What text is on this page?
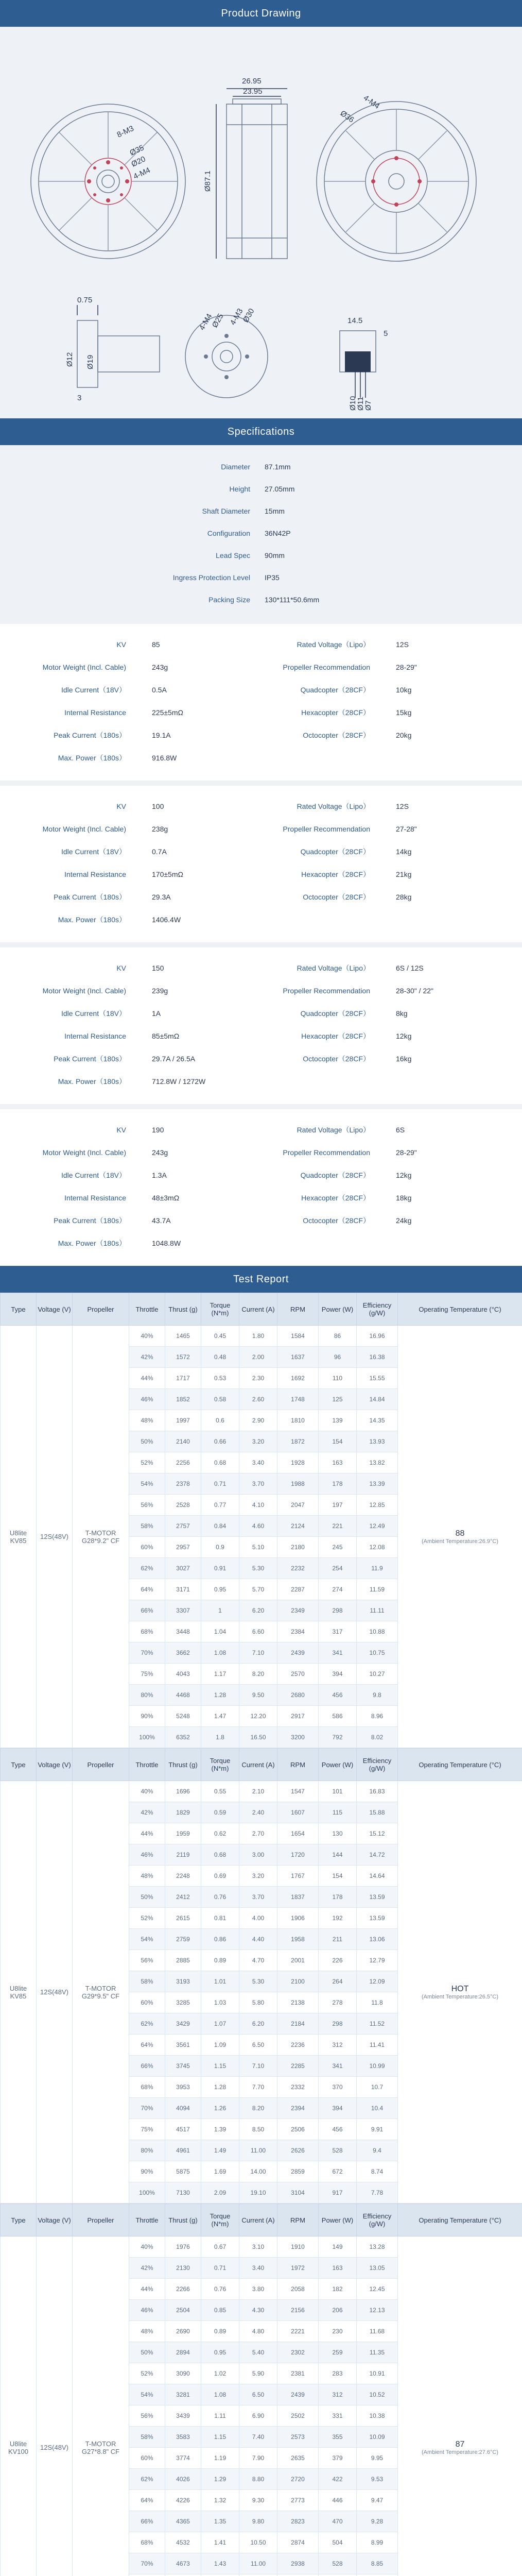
Product Drawing
26.95
23.95
Ø87.1
Ø36
4-M4
8-M3
Ø35
Ø20
4-M4
0.75
3
Ø12 Ø19
4-M4
Ø25 4-M3
Ø30	14.5
5
Ø10
Ø11
Ø7
Specifications
Diameter	87.1mm
Height	27.05mm
Shaft Diameter	15mm
Configuration	36N42P
Lead Spec	90mm
Ingress Protection Level	IP35
Packing Size	130*111*50.6mm
KV	85	Rated Voltage（Lipo）	12S
Motor Weight (Incl. Cable)	243g	Propeller Recommendation	28-29"
Idle Current（18V）	0.5A	Quadcopter（28CF）	10kg
Internal Resistance	225±5mΩ	Hexacopter（28CF）	15kg
Peak Current（180s）	19.1A	Octocopter（28CF）	20kg
Max. Power（180s）	916.8W
KV	100	Rated Voltage（Lipo）	12S
Motor Weight (Incl. Cable)	238g	Propeller Recommendation	27-28"
Idle Current（18V）	0.7A	Quadcopter（28CF）	14kg
Internal Resistance	170±5mΩ	Hexacopter（28CF）	21kg
Peak Current（180s）	29.3A	Octocopter（28CF）	28kg
Max. Power（180s）	1406.4W
KV	150	Rated Voltage（Lipo）	6S / 12S
Motor Weight (Incl. Cable)	239g	Propeller Recommendation	28-30" / 22"
Idle Current（18V）	1A	Quadcopter（28CF）	8kg
Internal Resistance	85±5mΩ	Hexacopter（28CF）	12kg
Peak Current（180s）	29.7A / 26.5A	Octocopter（28CF）	16kg
Max. Power（180s）	712.8W / 1272W
KV	190	Rated Voltage（Lipo）	6S
Motor Weight (Incl. Cable)	243g	Propeller Recommendation	28-29"
Idle Current（18V）	1.3A	Quadcopter（28CF）	12kg
Internal Resistance	48±3mΩ	Hexacopter（28CF）	18kg
Peak Current（180s）	43.7A	Octocopter（28CF）	24kg
Max. Power（180s）	1048.8W
Test Report
Type	Voltage (V)	Propeller	Throttle	Thrust (g)	Torque (N*m)	Current (A)	RPM	Power (W)	Efficiency (g/W)	Operating Temperature (°C)
U8lite KV85	12S(48V)	T-MOTOR G28*9.2" CF	40%	1465	0.45	1.80	1584	86	16.96	88
(Ambient Temperature:26.9°C)

			42%	1572	0.48	2.00	1637	96	16.38	
			44%	1717	0.53	2.30	1692	110	15.55	
			46%	1852	0.58	2.60	1748	125	14.84	
			48%	1997	0.6	2.90	1810	139	14.35	
			50%	2140	0.66	3.20	1872	154	13.93	
			52%	2256	0.68	3.40	1928	163	13.82	
			54%	2378	0.71	3.70	1988	178	13.39	
			56%	2528	0.77	4.10	2047	197	12.85	
			58%	2757	0.84	4.60	2124	221	12.49	
			60%	2957	0.9	5.10	2180	245	12.08	
			62%	3027	0.91	5.30	2232	254	11.9	
			64%	3171	0.95	5.70	2287	274	11.59	
			66%	3307	1	6.20	2349	298	11.11	
			68%	3448	1.04	6.60	2384	317	10.88	
			70%	3662	1.08	7.10	2439	341	10.75	
			75%	4043	1.17	8.20	2570	394	10.27	
			80%	4468	1.28	9.50	2680	456	9.8	
			90%	5248	1.47	12.20	2917	586	8.96	
			100%	6352	1.8	16.50	3200	792	8.02	
Type	Voltage (V)	Propeller	Throttle	Thrust (g)	Torque (N*m)	Current (A)	RPM	Power (W)	Efficiency (g/W)	Operating Temperature (°C)
U8lite KV85	12S(48V)	T-MOTOR G29*9.5" CF	40%	1696	0.55	2.10	1547	101	16.83	HOT
(Ambient Temperature:26.5°C)

			42%	1829	0.59	2.40	1607	115	15.88	
			44%	1959	0.62	2.70	1654	130	15.12	
			46%	2119	0.68	3.00	1720	144	14.72	
			48%	2248	0.69	3.20	1767	154	14.64	
			50%	2412	0.76	3.70	1837	178	13.59	
			52%	2615	0.81	4.00	1906	192	13.59	
			54%	2759	0.86	4.40	1958	211	13.06	
			56%	2885	0.89	4.70	2001	226	12.79	
			58%	3193	1.01	5.30	2100	264	12.09	
			60%	3285	1.03	5.80	2138	278	11.8	
			62%	3429	1.07	6.20	2184	298	11.52	
			64%	3561	1.09	6.50	2236	312	11.41	
			66%	3745	1.15	7.10	2285	341	10.99	
			68%	3953	1.28	7.70	2332	370	10.7	
			70%	4094	1.26	8.20	2394	394	10.4	
			75%	4517	1.39	8.50	2506	456	9.91	
			80%	4961	1.49	11.00	2626	528	9.4	
			90%	5875	1.69	14.00	2859	672	8.74	
			100%	7130	2.09	19.10	3104	917	7.78	
Type	Voltage (V)	Propeller	Throttle	Thrust (g)	Torque (N*m)	Current (A)	RPM	Power (W)	Efficiency (g/W)	Operating Temperature (°C)
U8lite KV100	12S(48V)	T-MOTOR G27*8.8" CF	40%	1976	0.67	3.10	1910	149	13.28	87
(Ambient Temperature:27.6°C)

			42%	2130	0.71	3.40	1972	163	13.05	
			44%	2266	0.76	3.80	2058	182	12.45	
			46%	2504	0.85	4.30	2156	206	12.13	
			48%	2690	0.89	4.80	2221	230	11.68	
			50%	2894	0.95	5.40	2302	259	11.35	
			52%	3090	1.02	5.90	2381	283	10.91	
			54%	3281	1.08	6.50	2439	312	10.52	
			56%	3439	1.11	6.90	2502	331	10.38	
			58%	3583	1.15	7.40	2573	355	10.09	
			60%	3774	1.19	7.90	2635	379	9.95	
			62%	4026	1.29	8.80	2720	422	9.53	
			64%	4226	1.32	9.30	2773	446	9.47	
			66%	4365	1.35	9.80	2823	470	9.28	
			68%	4532	1.41	10.50	2874	504	8.99	
			70%	4673	1.43	11.00	2938	528	8.85	
